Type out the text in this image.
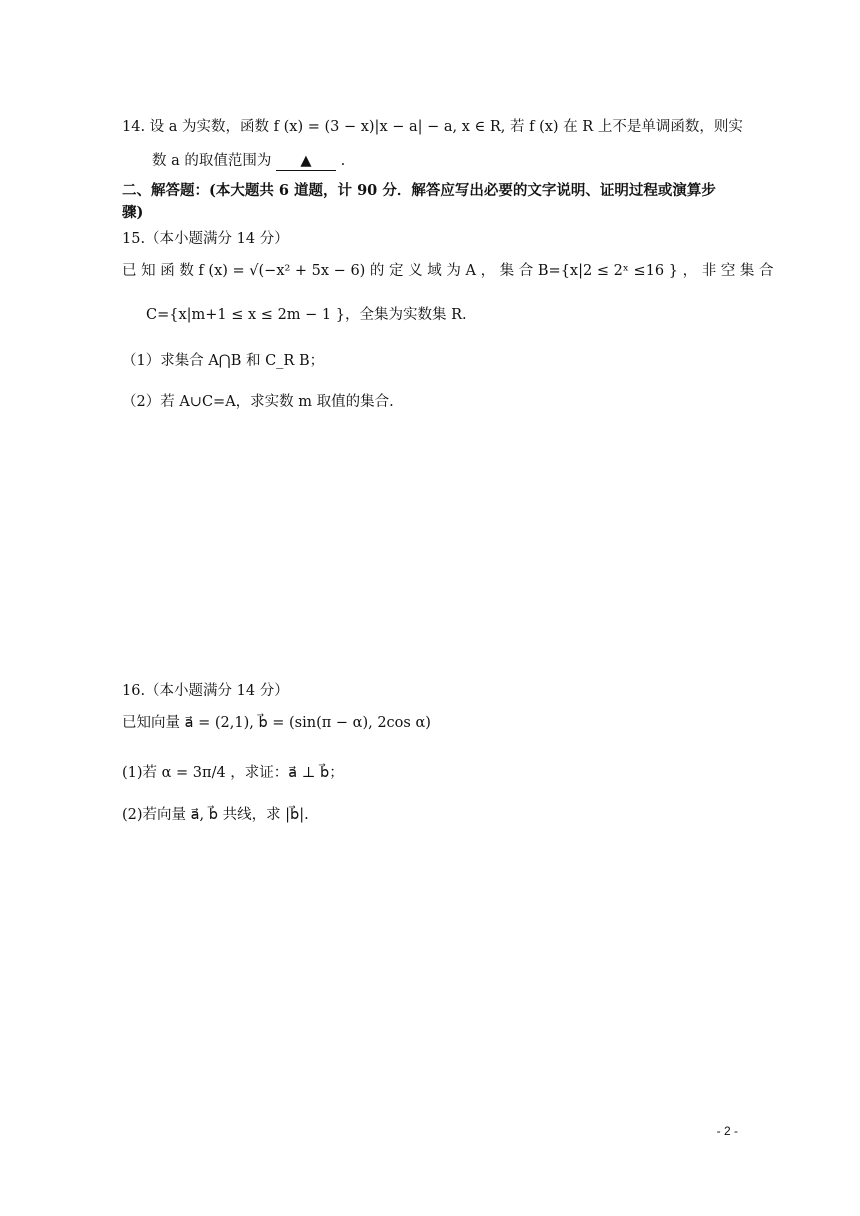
14. 设 a 为实数，函数 f (x) = (3 − x)|x − a| − a, x ∈ R, 若 f (x) 在 R 上不是单调函数，则实
数 a 的取值范围为 ▲ .
二、解答题：(本大题共 6 道题，计 90 分．解答应写出必要的文字说明、证明过程或演算步
骤)
15.（本小题满分 14 分）
已 知 函 数 f (x) = √(−x² + 5x − 6) 的 定 义 域 为 A ， 集 合 B={x|2 ≤ 2ˣ ≤16 } ， 非 空 集 合
C={x|m+1 ≤ x ≤ 2m − 1 }，全集为实数集 R.
（1）求集合 A⋂B 和 C_R B；
（2）若 A∪C=A，求实数 m 取值的集合.
16.（本小题满分 14 分）
已知向量 a⃗ = (2,1), b⃗ = (sin(π − α), 2cos α)
(1)若 α = 3π/4 ，求证：a⃗ ⊥ b⃗；
(2)若向量 a⃗, b⃗ 共线，求 |b⃗|.
- 2 -
